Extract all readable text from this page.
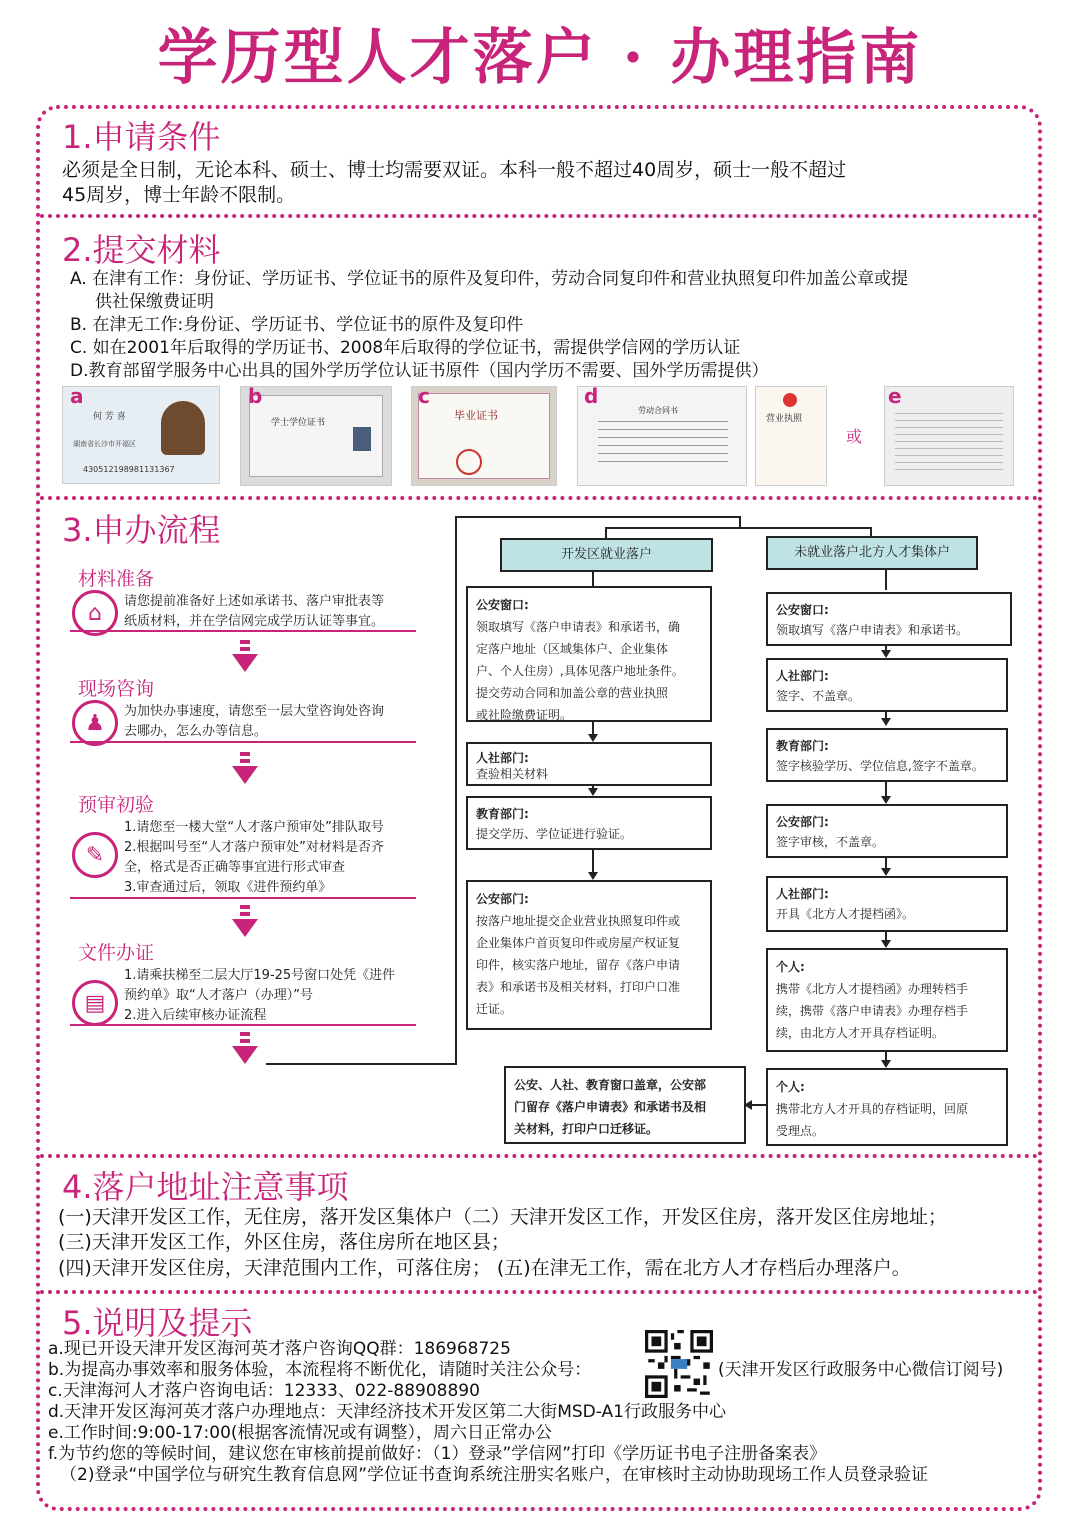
学历型人才落户 · 办理指南
1.申请条件
必须是全日制，无论本科、硕士、博士均需要双证。本科一般不超过40周岁，硕士一般不超过
45周岁，博士年龄不限制。
2.提交材料
A. 在津有工作：身份证、学历证书、学位证书的原件及复印件，劳动合同复印件和营业执照复印件加盖公章或提
供社保缴费证明
B. 在津无工作:身份证、学历证书、学位证书的原件及复印件
C. 如在2001年后取得的学历证书、2008年后取得的学位证书，需提供学信网的学历认证
D.教育部留学服务中心出具的国外学历学位认证书原件（国内学历不需要、国外学历需提供）
何 芳 喜
湖南省长沙市开福区
430512198981131367
a
学士学位证书
b
毕业证书
c
劳动合同书
d
营业执照
或
e
3.申办流程
材料准备
⌂	请您提前准备好上述如承诺书、落户审批表等
纸质材料，并在学信网完成学历认证等事宜。
现场咨询
♟	为加快办事速度，请您至一层大堂咨询处咨询
去哪办，怎么办等信息。
预审初验
✎
1.请您至一楼大堂“人才落户预审处”排队取号
2.根据叫号至“人才落户预审处”对材料是否齐
全，格式是否正确等事宜进行形式审查
3.审查通过后，领取《进件预约单》
文件办证
▤
1.请乘扶梯至二层大厅19-25号窗口处凭《进件
预约单》取“人才落户（办理）”号
2.进入后续审核办证流程
开发区就业落户	未就业落户北方人才集体户
公安窗口:
领取填写《落户申请表》和承诺书，确
定落户地址（区域集体户、企业集体
户、个人住房）,具体见落户地址条件。
提交劳动合同和加盖公章的营业执照
或社险缴费证明。
人社部门:
查验相关材料
教育部门:
提交学历、学位证进行验证。
公安部门:
按落户地址提交企业营业执照复印件或
企业集体户首页复印件或房屋产权证复
印件，核实落户地址，留存《落户申请
表》和承诺书及相关材料，打印户口准
迁证。
公安窗口:
领取填写《落户申请表》和承诺书。
人社部门:
签字、不盖章。
教育部门:
签字核验学历、学位信息,签字不盖章。
公安部门:
签字审核，不盖章。
人社部门:
开具《北方人才提档函》。
个人:
携带《北方人才提档函》办理转档手
续，携带《落户申请表》办理存档手
续，由北方人才开具存档证明。
个人:
携带北方人才开具的存档证明，回原
受理点。
公安、人社、教育窗口盖章，公安部
门留存《落户申请表》和承诺书及相
关材料，打印户口迁移证。
4.落户地址注意事项
(一)天津开发区工作，无住房，落开发区集体户（二）天津开发区工作，开发区住房，落开发区住房地址；
(三)天津开发区工作，外区住房，落住房所在地区县；
(四)天津开发区住房，天津范围内工作，可落住房； (五)在津无工作，需在北方人才存档后办理落户。
5.说明及提示
a.现已开设天津开发区海河英才落户咨询QQ群：186968725
b.为提高办事效率和服务体验，本流程将不断优化，请随时关注公众号：	(天津开发区行政服务中心微信订阅号)
c.天津海河人才落户咨询电话：12333、022-88908890
d.天津开发区海河英才落户办理地点：天津经济技术开发区第二大街MSD-A1行政服务中心
e.工作时间:9:00-17:00(根据客流情况或有调整），周六日正常办公
f.为节约您的等候时间，建议您在审核前提前做好：（1）登录”学信网”打印《学历证书电子注册备案表》
（2)登录“中国学位与研究生教育信息网”学位证书查询系统注册实名账户，在审核时主动协助现场工作人员登录验证
